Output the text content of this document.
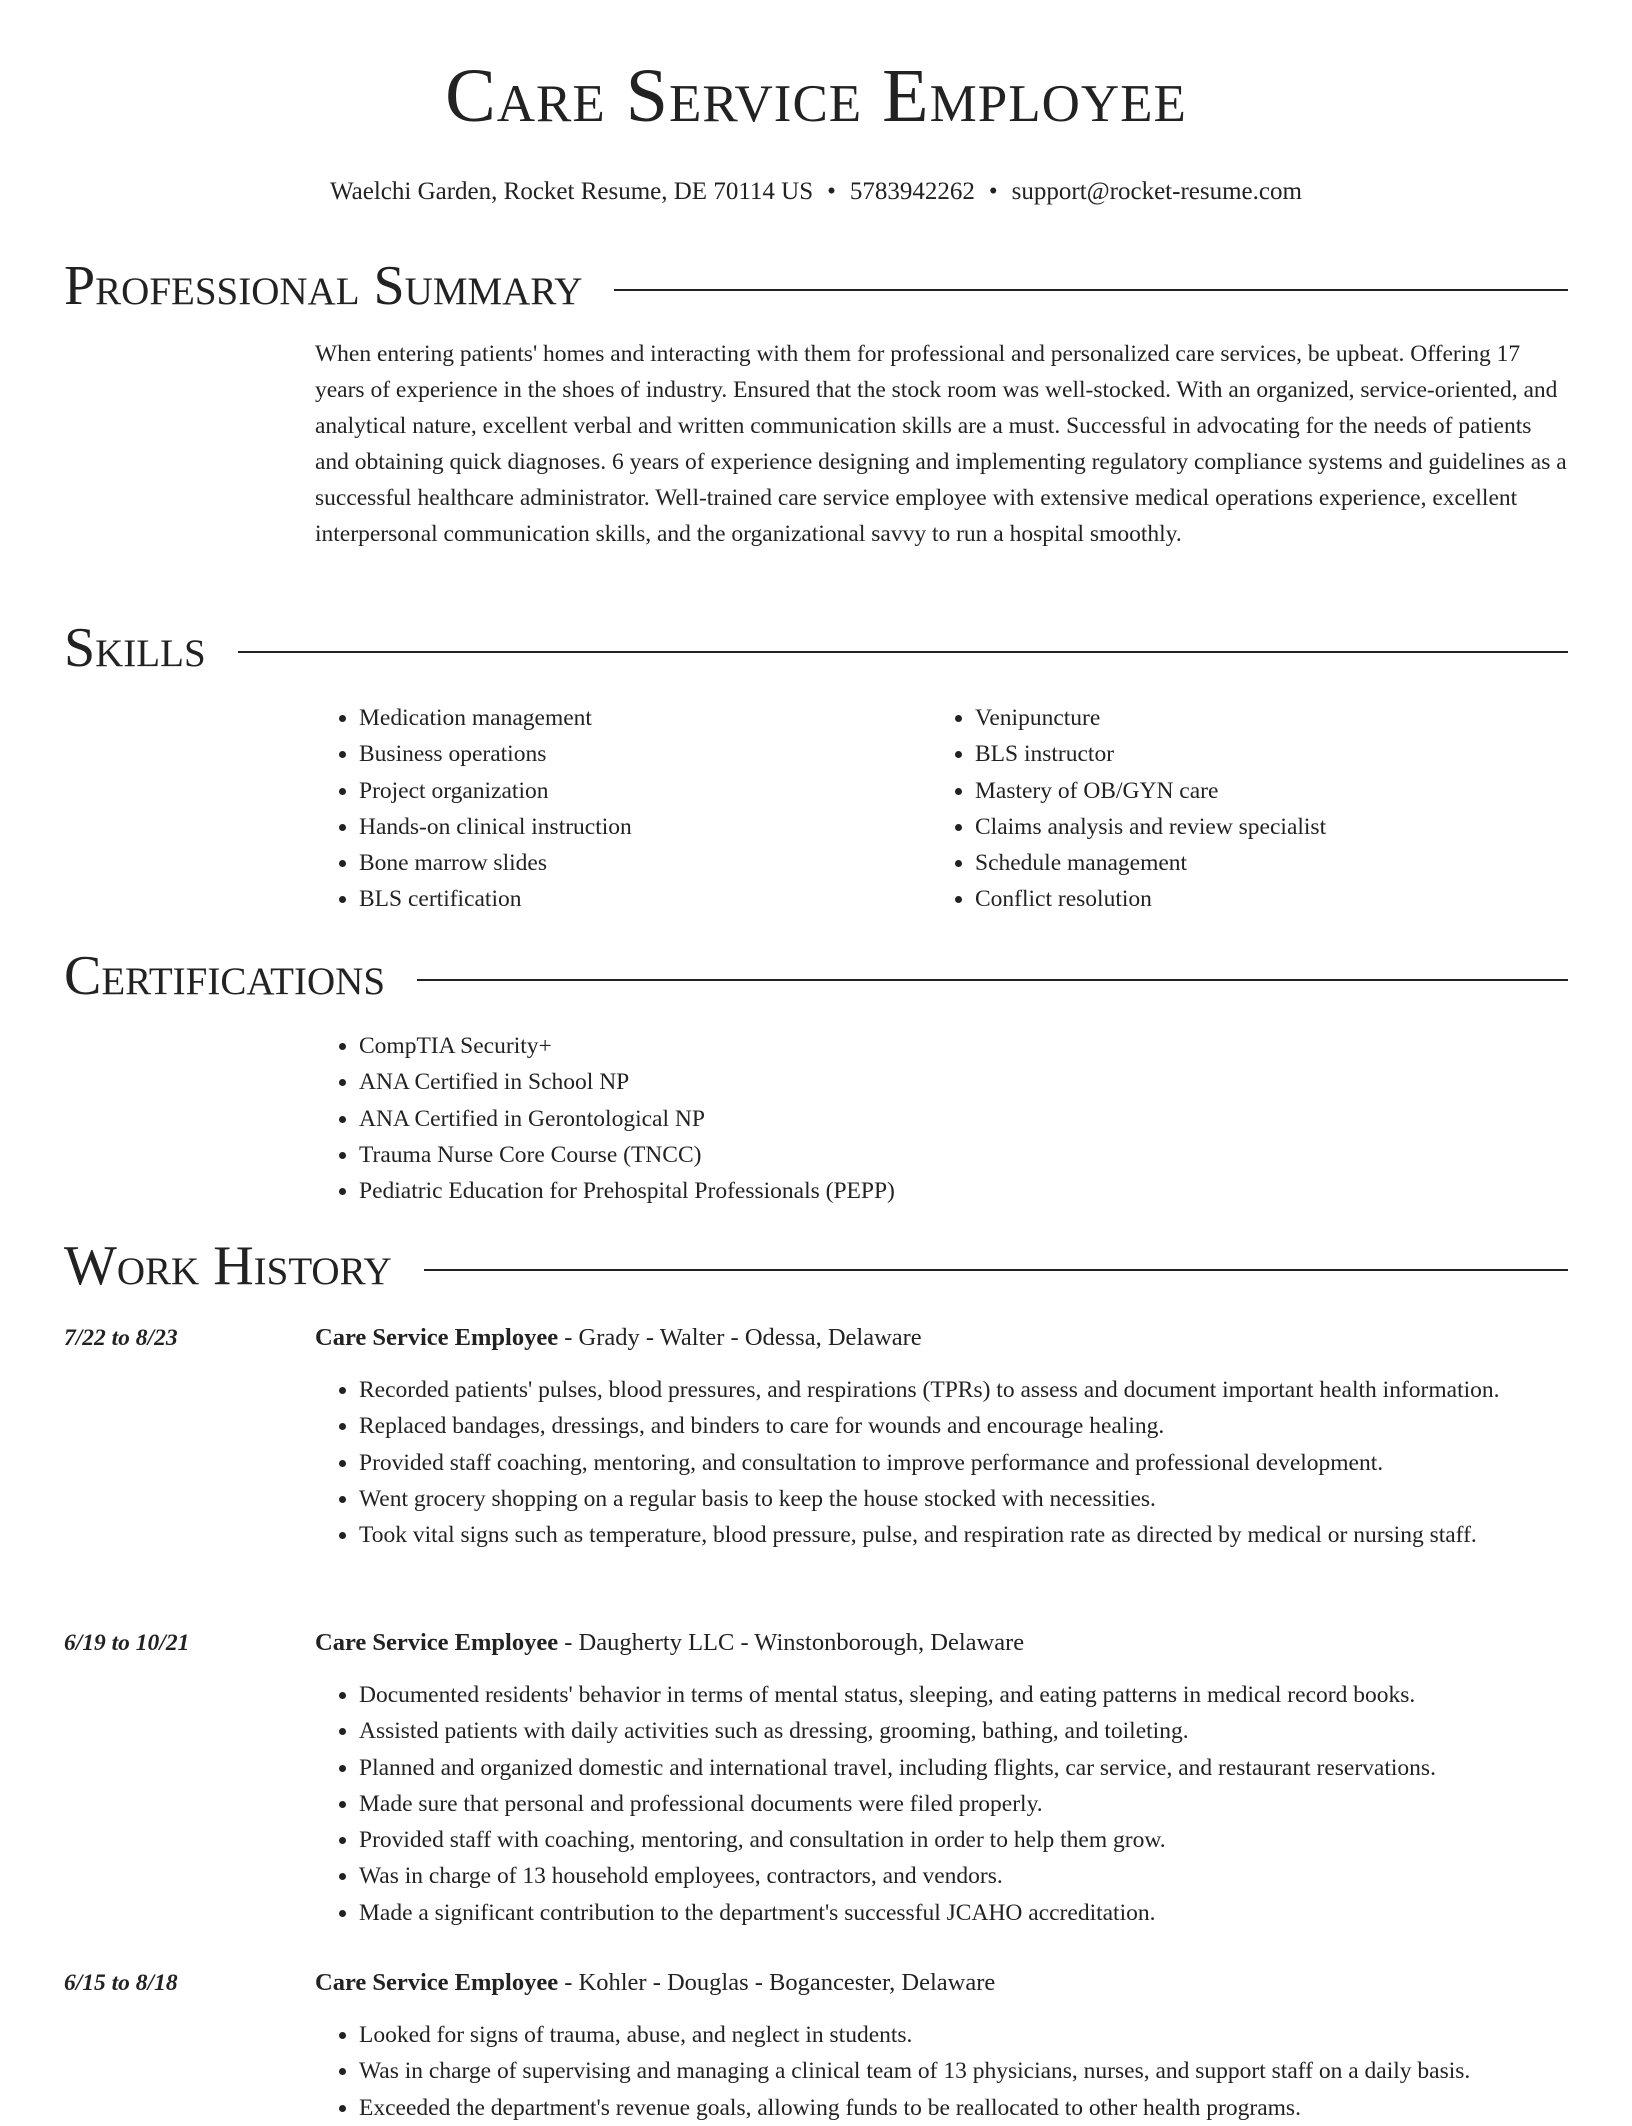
Care Service Employee
Waelchi Garden, Rocket Resume, DE 70114 US • 5783942262 • support@rocket-resume.com
Professional Summary

When entering patients' homes and interacting with them for professional and personalized care services, be upbeat. Offering 17 years of experience in the shoes of industry. Ensured that the stock room was well-stocked. With an organized, service-oriented, and analytical nature, excellent verbal and written communication skills are a must. Successful in advocating for the needs of patients and obtaining quick diagnoses. 6 years of experience designing and implementing regulatory compliance systems and guidelines as a successful healthcare administrator. Well-trained care service employee with extensive medical operations experience, excellent interpersonal communication skills, and the organizational savvy to run a hospital smoothly.

Skills
• Medication management
• Business operations
• Project organization
• Hands-on clinical instruction
• Bone marrow slides
• BLS certification
• Venipuncture
• BLS instructor
• Mastery of OB/GYN care
• Claims analysis and review specialist
• Schedule management
• Conflict resolution
Certifications
• CompTIA Security+
• ANA Certified in School NP
• ANA Certified in Gerontological NP
• Trauma Nurse Core Course (TNCC)
• Pediatric Education for Prehospital Professionals (PEPP)
Work History
7/22 to 8/23	Care Service Employee - Grady - Walter - Odessa, Delaware
• Recorded patients' pulses, blood pressures, and respirations (TPRs) to assess and document important health information.
• Replaced bandages, dressings, and binders to care for wounds and encourage healing.
• Provided staff coaching, mentoring, and consultation to improve performance and professional development.
• Went grocery shopping on a regular basis to keep the house stocked with necessities.
• Took vital signs such as temperature, blood pressure, pulse, and respiration rate as directed by medical or nursing staff.
6/19 to 10/21	Care Service Employee - Daugherty LLC - Winstonborough, Delaware
• Documented residents' behavior in terms of mental status, sleeping, and eating patterns in medical record books.
• Assisted patients with daily activities such as dressing, grooming, bathing, and toileting.
• Planned and organized domestic and international travel, including flights, car service, and restaurant reservations.
• Made sure that personal and professional documents were filed properly.
• Provided staff with coaching, mentoring, and consultation in order to help them grow.
• Was in charge of 13 household employees, contractors, and vendors.
• Made a significant contribution to the department's successful JCAHO accreditation.
6/15 to 8/18	Care Service Employee - Kohler - Douglas - Bogancester, Delaware
• Looked for signs of trauma, abuse, and neglect in students.
• Was in charge of supervising and managing a clinical team of 13 physicians, nurses, and support staff on a daily basis.
• Exceeded the department's revenue goals, allowing funds to be reallocated to other health programs.
